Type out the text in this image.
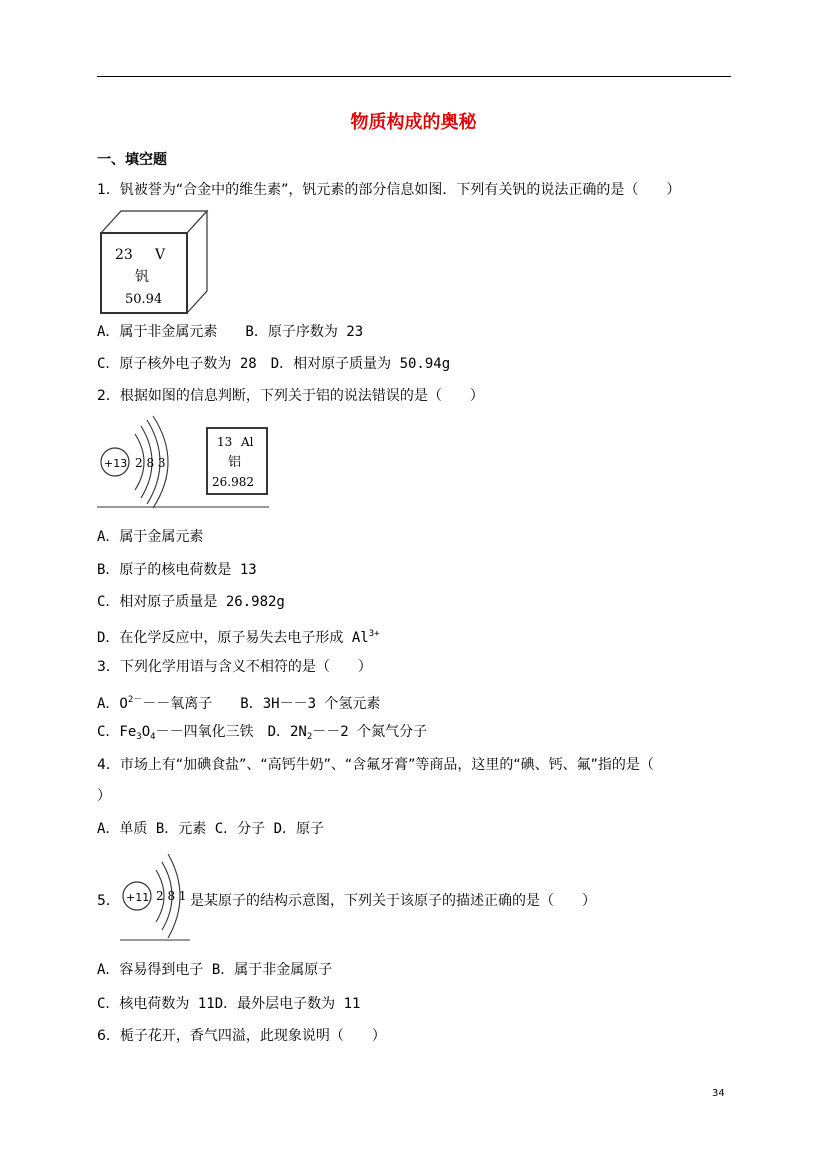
物质构成的奥秘
一、填空题
1．钒被誉为“合金中的维生素”，钒元素的部分信息如图．下列有关钒的说法正确的是（　　）
23 V
钒
50.94
A．属于非金属元素　　B．原子序数为 23
C．原子核外电子数为 28　D．相对原子质量为 50.94g
2．根据如图的信息判断，下列关于铝的说法错误的是（　　）
+13 2 8 3
13 Al
铝
26.982
A．属于金属元素
B．原子的核电荷数是 13
C．相对原子质量是 26.982g
D．在化学反应中，原子易失去电子形成 $Al^{3+}$
3．下列化学用语与含义不相符的是（　　）
A．$O^{2-}--$氧离子　　B．3H－－3 个氢元素
C．$Fe_3O_4--$四氧化三铁　D．$2N_2--2$ 个氮气分子
4．市场上有“加碘食盐”、“高钙牛奶”、“含氟牙膏”等商品，这里的“碘、钙、氟”指的是（
）
A．单质 B．元素 C．分子 D．原子
5． +11 2 8 1 是某原子的结构示意图，下列关于该原子的描述正确的是（　　）
A．容易得到电子 B．属于非金属原子
C．核电荷数为 11D．最外层电子数为 11
6．栀子花开，香气四溢，此现象说明（　　）
34
